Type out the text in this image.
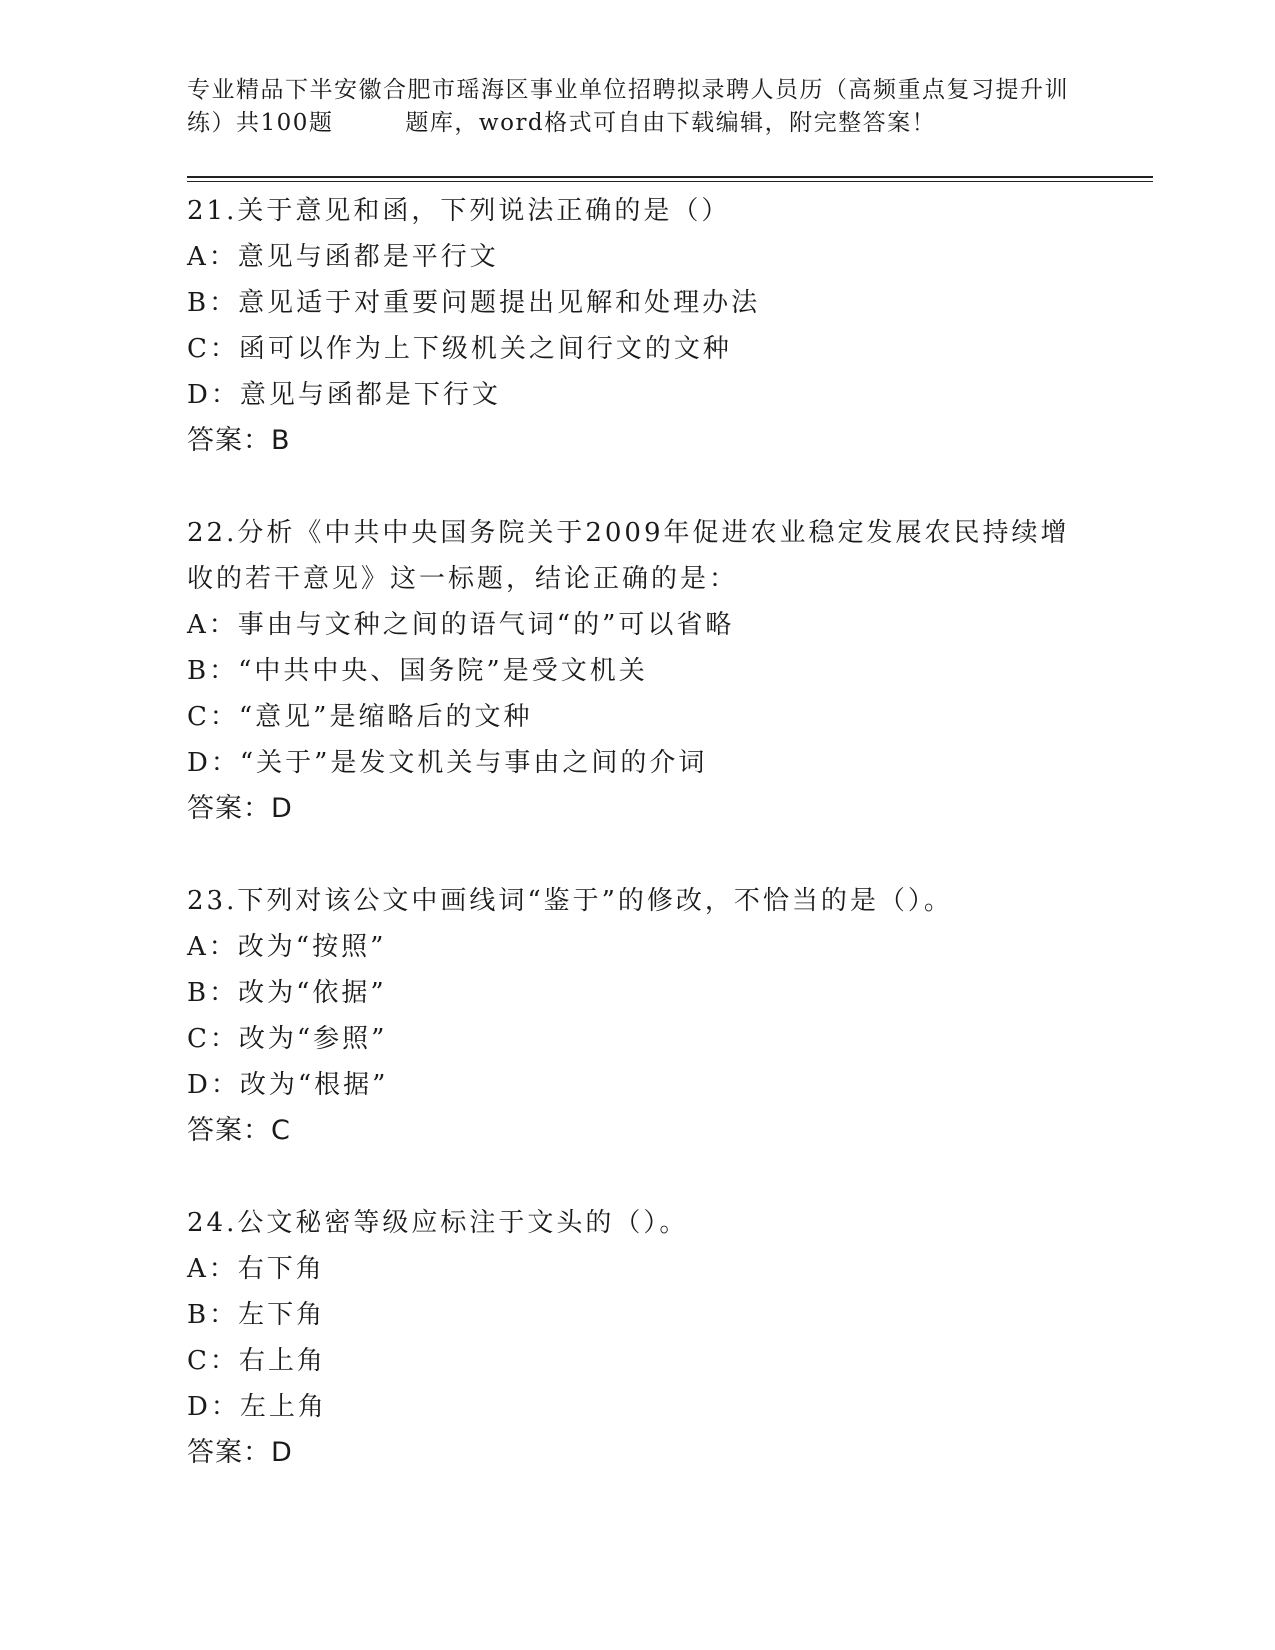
专业精品下半安徽合肥市瑶海区事业单位招聘拟录聘人员历（高频重点复习提升训
练）共100题	题库，word格式可自由下载编辑，附完整答案！
21.关于意见和函，下列说法正确的是（）
A：意见与函都是平行文
B：意见适于对重要问题提出见解和处理办法
C：函可以作为上下级机关之间行文的文种
D：意见与函都是下行文
答案：B
22.分析《中共中央国务院关于2009年促进农业稳定发展农民持续增
收的若干意见》这一标题，结论正确的是：
A：事由与文种之间的语气词“的”可以省略
B：“中共中央、国务院”是受文机关
C：“意见”是缩略后的文种
D：“关于”是发文机关与事由之间的介词
答案：D
23.下列对该公文中画线词“鉴于”的修改，不恰当的是（）。
A：改为“按照”
B：改为“依据”
C：改为“参照”
D：改为“根据”
答案：C
24.公文秘密等级应标注于文头的（）。
A：右下角
B：左下角
C：右上角
D：左上角
答案：D
